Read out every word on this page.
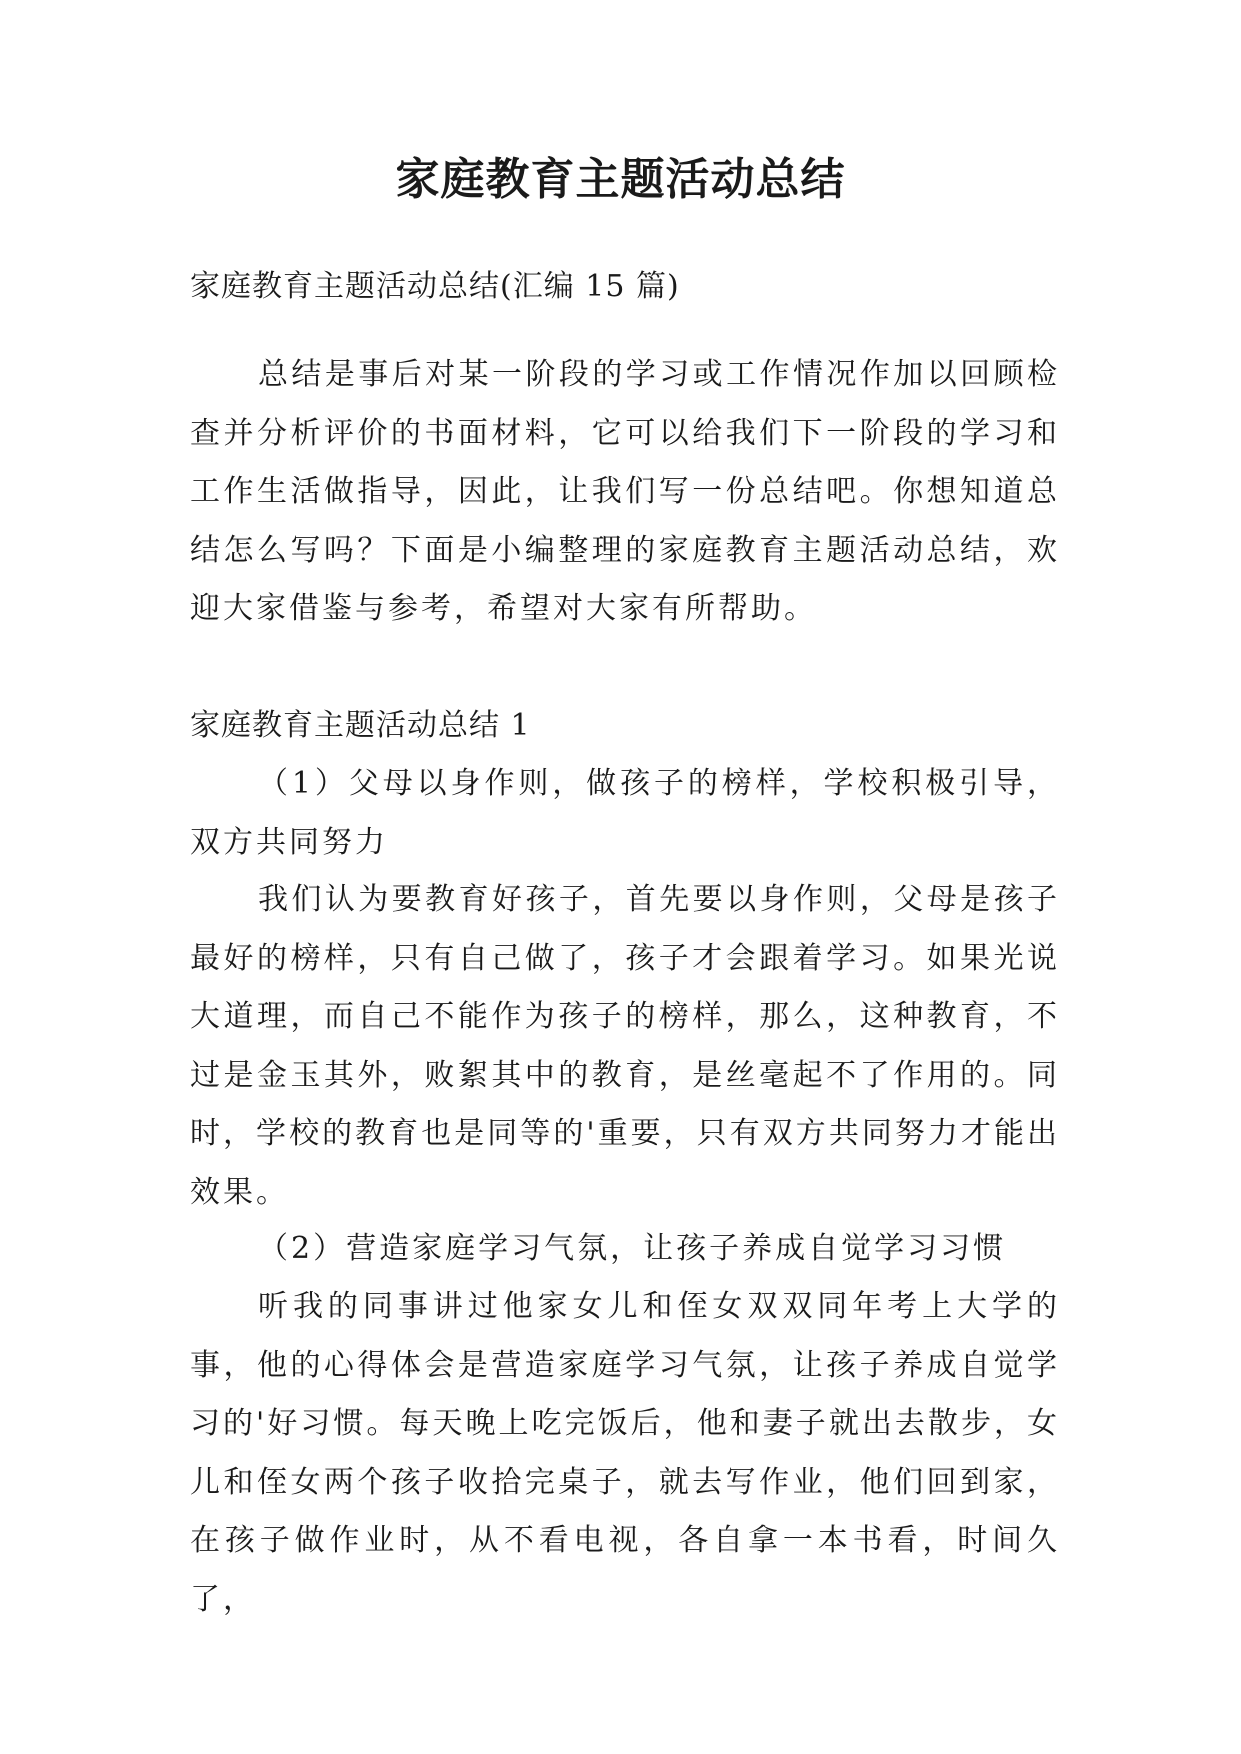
家庭教育主题活动总结

家庭教育主题活动总结(汇编 15 篇)

总结是事后对某一阶段的学习或工作情况作加以回顾检查并分析评价的书面材料，它可以给我们下一阶段的学习和工作生活做指导，因此，让我们写一份总结吧。你想知道总结怎么写吗？下面是小编整理的家庭教育主题活动总结，欢迎大家借鉴与参考，希望对大家有所帮助。

家庭教育主题活动总结 1

（1）父母以身作则，做孩子的榜样，学校积极引导，双方共同努力

我们认为要教育好孩子，首先要以身作则，父母是孩子最好的榜样，只有自己做了，孩子才会跟着学习。如果光说大道理，而自己不能作为孩子的榜样，那么，这种教育，不过是金玉其外，败絮其中的教育，是丝毫起不了作用的。同时，学校的教育也是同等的'重要，只有双方共同努力才能出效果。

（2）营造家庭学习气氛，让孩子养成自觉学习习惯

听我的同事讲过他家女儿和侄女双双同年考上大学的事，他的心得体会是营造家庭学习气氛，让孩子养成自觉学习的'好习惯。每天晚上吃完饭后，他和妻子就出去散步，女儿和侄女两个孩子收拾完桌子，就去写作业，他们回到家，在孩子做作业时，从不看电视，各自拿一本书看，时间久了，
